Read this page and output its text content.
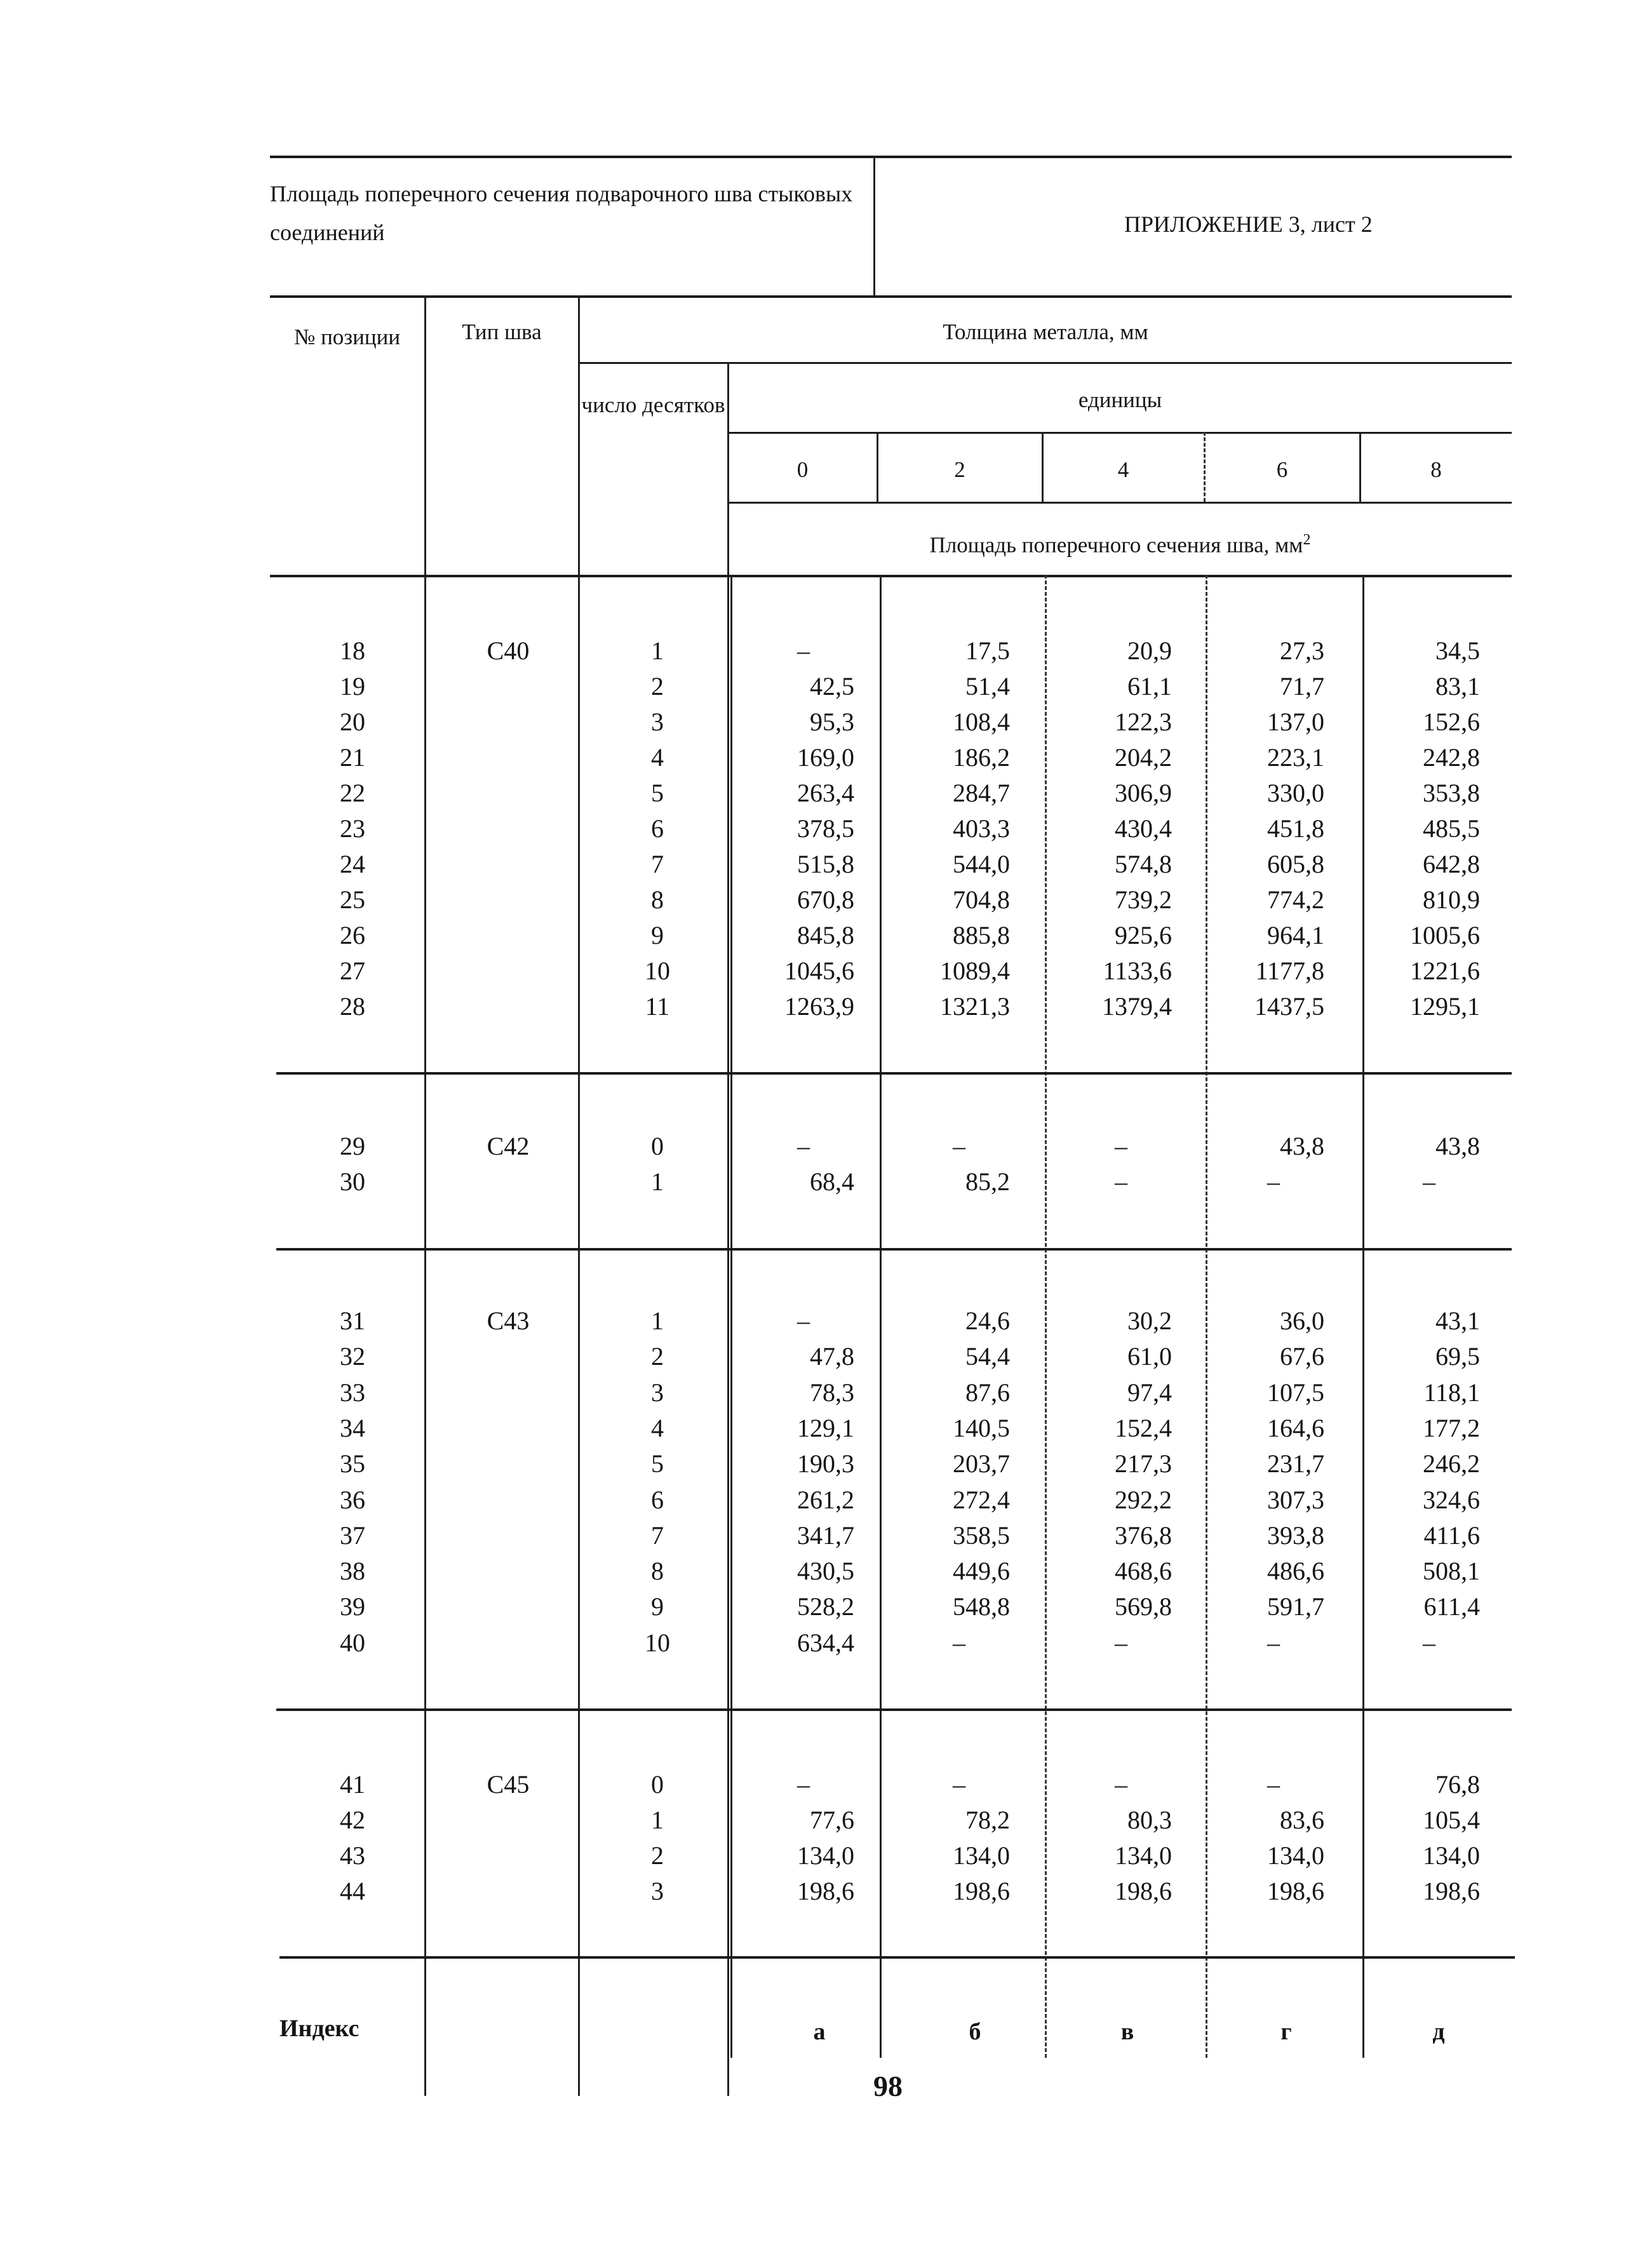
Площадь поперечного сечения подварочного шва стыковых соединений	ПРИЛОЖЕНИЕ 3, лист 2
№ позиции	Тип шва	Толщина металла, мм
число десятков	единицы
0	2	4	6	8
Площадь поперечного сечения шва, $мм^2$
С40
18	1	–	17,5	20,9	27,3	34,5
19	2	42,5	51,4	61,1	71,7	83,1
20	3	95,3	108,4	122,3	137,0	152,6
21	4	169,0	186,2	204,2	223,1	242,8
22	5	263,4	284,7	306,9	330,0	353,8
23	6	378,5	403,3	430,4	451,8	485,5
24	7	515,8	544,0	574,8	605,8	642,8
25	8	670,8	704,8	739,2	774,2	810,9
26	9	845,8	885,8	925,6	964,1	1005,6
27	10	1045,6	1089,4	1133,6	1177,8	1221,6
28	11	1263,9	1321,3	1379,4	1437,5	1295,1
С42
29	0	–	–	–	43,8	43,8
30	1	68,4	85,2	–	–	–
С43
31	1	–	24,6	30,2	36,0	43,1
32	2	47,8	54,4	61,0	67,6	69,5
33	3	78,3	87,6	97,4	107,5	118,1
34	4	129,1	140,5	152,4	164,6	177,2
35	5	190,3	203,7	217,3	231,7	246,2
36	6	261,2	272,4	292,2	307,3	324,6
37	7	341,7	358,5	376,8	393,8	411,6
38	8	430,5	449,6	468,6	486,6	508,1
39	9	528,2	548,8	569,8	591,7	611,4
40	10	634,4	–	–	–	–
С45
41	0	–	–	–	–	76,8
42	1	77,6	78,2	80,3	83,6	105,4
43	2	134,0	134,0	134,0	134,0	134,0
44	3	198,6	198,6	198,6	198,6	198,6
Индекс	а	б	в	г	д
98
